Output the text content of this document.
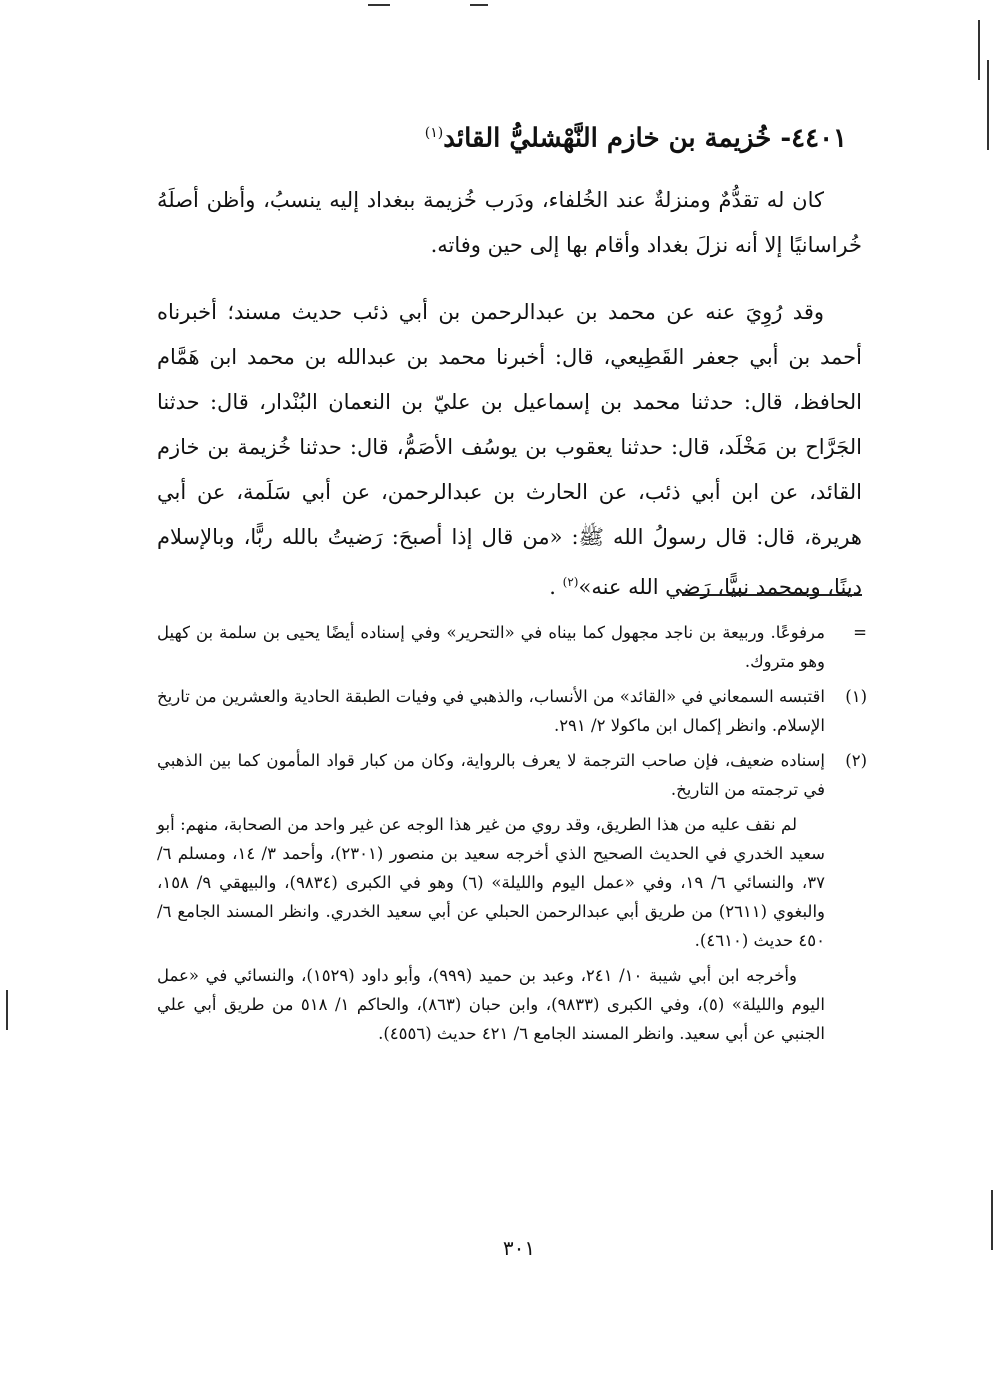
٤٤٠١- خُزيمة بن خازم النَّهْشليُّ القائد$^{(١)}$

كان له تقدُّمٌ ومنزلةٌ عند الخُلفاء، ودَرب خُزيمة ببغداد إليه ينسبُ، وأظن أصلَهُ خُراسانيًا إلا أنه نزلَ بغداد وأقام بها إلى حين وفاته.

وقد رُوِيَ عنه عن محمد بن عبدالرحمن بن أبي ذئب حديث مسند؛ أخبرناه أحمد بن أبي جعفر القَطِيعي، قال: أخبرنا محمد بن عبدالله بن محمد ابن هَمَّام الحافظ، قال: حدثنا محمد بن إسماعيل بن عليّ بن النعمان البُنْدار، قال: حدثنا الجَرَّاح بن مَخْلَد، قال: حدثنا يعقوب بن يوسُف الأصَمُّ، قال: حدثنا خُزيمة بن خازم القائد، عن ابن أبي ذئب، عن الحارث بن عبدالرحمن، عن أبي سَلَمة، عن أبي هريرة، قال: قال رسولُ الله ﷺ: «من قال إذا أصبحَ: رَضيتُ بالله ربًّا، وبالإسلام دينًا، وبمحمد نبيًّا، رَضي الله عنه»$^{(٢)}$ .

=

مرفوعًا. وربيعة بن ناجد مجهول كما بيناه في «التحرير» وفي إسناده أيضًا يحيى بن سلمة بن كهيل وهو متروك.

(١)

اقتبسه السمعاني في «القائد» من الأنساب، والذهبي في وفيات الطبقة الحادية والعشرين من تاريخ الإسلام. وانظر إكمال ابن ماكولا ٢/ ٢٩١.

(٢)

إسناده ضعيف، فإن صاحب الترجمة لا يعرف بالرواية، وكان من كبار قواد المأمون كما بين الذهبي في ترجمته من التاريخ.

لم نقف عليه من هذا الطريق، وقد روي من غير هذا الوجه عن غير واحد من الصحابة، منهم: أبو سعيد الخدري في الحديث الصحيح الذي أخرجه سعيد بن منصور (٢٣٠١)، وأحمد ٣/ ١٤، ومسلم ٦/ ٣٧، والنسائي ٦/ ١٩، وفي «عمل اليوم والليلة» (٦) وهو في الكبرى (٩٨٣٤)، والبيهقي ٩/ ١٥٨، والبغوي (٢٦١١) من طريق أبي عبدالرحمن الحبلي عن أبي سعيد الخدري. وانظر المسند الجامع ٦/ ٤٥٠ حديث (٤٦١٠).

وأخرجه ابن أبي شيبة ١٠/ ٢٤١، وعبد بن حميد (٩٩٩)، وأبو داود (١٥٢٩)، والنسائي في «عمل اليوم والليلة» (٥)، وفي الكبرى (٩٨٣٣)، وابن حبان (٨٦٣)، والحاكم ١/ ٥١٨ من طريق أبي علي الجنبي عن أبي سعيد. وانظر المسند الجامع ٦/ ٤٢١ حديث (٤٥٥٦).

٣٠١
